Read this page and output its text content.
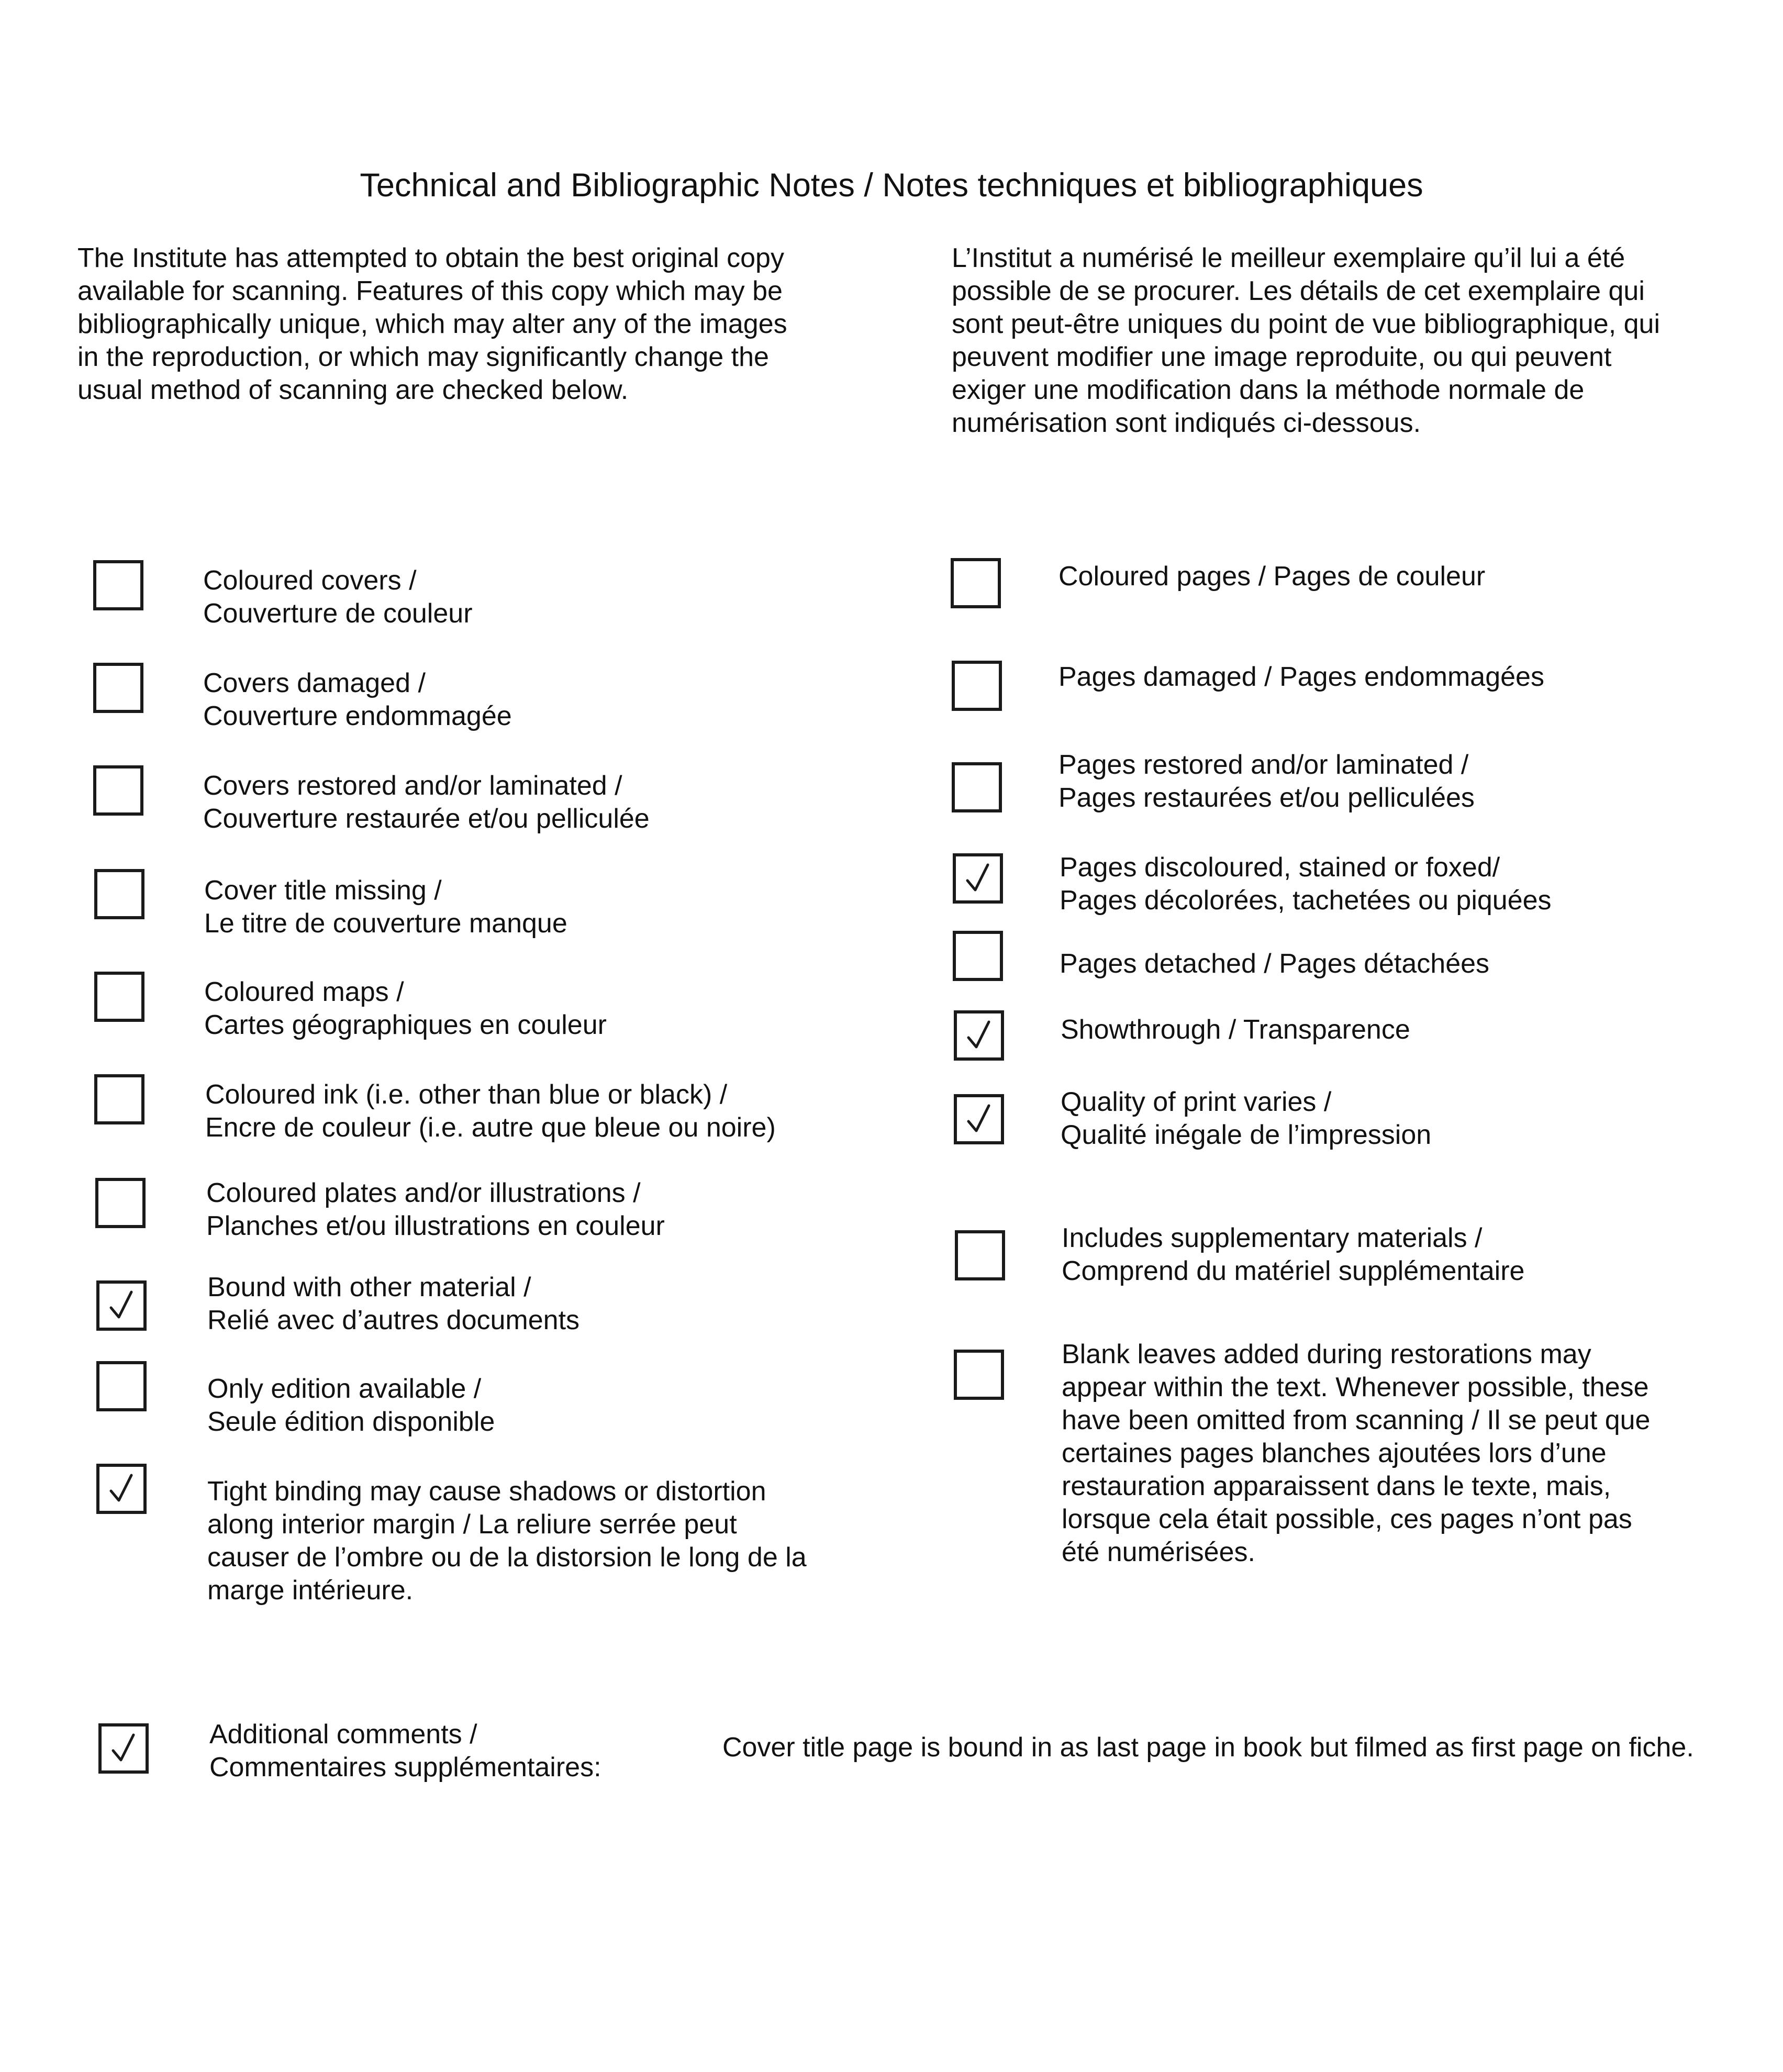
Technical and Bibliographic Notes / Notes techniques et bibliographiques
The Institute has attempted to obtain the best original copy
available for scanning. Features of this copy which may be
bibliographically unique, which may alter any of the images
in the reproduction, or which may significantly change the
usual method of scanning are checked below.
L’Institut a numérisé le meilleur exemplaire qu’il lui a été
possible de se procurer. Les détails de cet exemplaire qui
sont peut-être uniques du point de vue bibliographique, qui
peuvent modifier une image reproduite, ou qui peuvent
exiger une modification dans la méthode normale de
numérisation sont indiqués ci-dessous.
Coloured covers /
Couverture de couleur
Covers damaged /
Couverture endommagée
Covers restored and/or laminated /
Couverture restaurée et/ou pelliculée
Cover title missing /
Le titre de couverture manque
Coloured maps /
Cartes géographiques en couleur
Coloured ink (i.e. other than blue or black) /
Encre de couleur (i.e. autre que bleue ou noire)
Coloured plates and/or illustrations /
Planches et/ou illustrations en couleur
Bound with other material /
Relié avec d’autres documents
Only edition available /
Seule édition disponible
Tight binding may cause shadows or distortion
along interior margin / La reliure serrée peut
causer de l’ombre ou de la distorsion le long de la
marge intérieure.
Coloured pages / Pages de couleur
Pages damaged / Pages endommagées
Pages restored and/or laminated /
Pages restaurées et/ou pelliculées
Pages discoloured, stained or foxed/
Pages décolorées, tachetées ou piquées
Pages detached / Pages détachées
Showthrough / Transparence
Quality of print varies /
Qualité inégale de l’impression
Includes supplementary materials /
Comprend du matériel supplémentaire
Blank leaves added during restorations may
appear within the text. Whenever possible, these
have been omitted from scanning / Il se peut que
certaines pages blanches ajoutées lors d’une
restauration apparaissent dans le texte, mais,
lorsque cela était possible, ces pages n’ont pas
été numérisées.
Additional comments /
Commentaires supplémentaires:
Cover title page is bound in as last page in book but filmed as first page on fiche.
